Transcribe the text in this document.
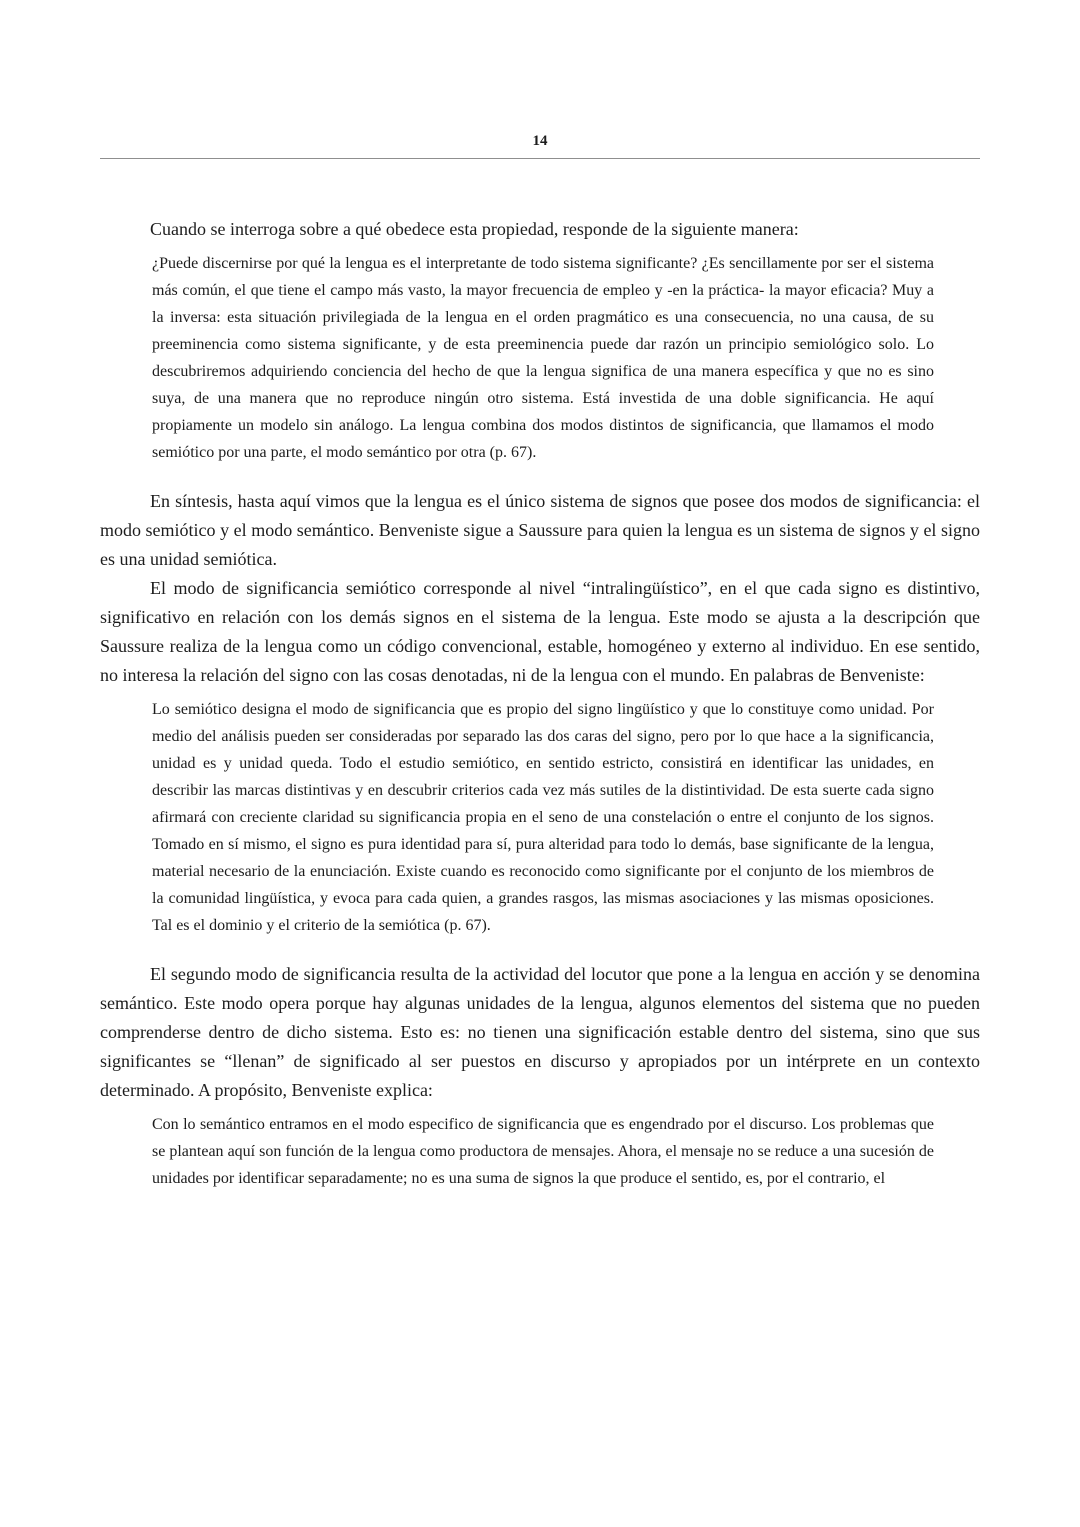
14

Cuando se interroga sobre a qué obedece esta propiedad, responde de la siguiente manera:

¿Puede discernirse por qué la lengua es el interpretante de todo sistema significante? ¿Es sencillamente por ser el sistema más común, el que tiene el campo más vasto, la mayor frecuencia de empleo y -en la práctica- la mayor eficacia? Muy a la inversa: esta situación privilegiada de la lengua en el orden pragmático es una consecuencia, no una causa, de su preeminencia como sistema significante, y de esta preeminencia puede dar razón un principio semiológico solo. Lo descubriremos adquiriendo conciencia del hecho de que la lengua significa de una manera específica y que no es sino suya, de una manera que no reproduce ningún otro sistema. Está investida de una doble significancia. He aquí propiamente un modelo sin análogo. La lengua combina dos modos distintos de significancia, que llamamos el modo semiótico por una parte, el modo semántico por otra (p. 67).

En síntesis, hasta aquí vimos que la lengua es el único sistema de signos que posee dos modos de significancia: el modo semiótico y el modo semántico. Benveniste sigue a Saussure para quien la lengua es un sistema de signos y el signo es una unidad semiótica.

El modo de significancia semiótico corresponde al nivel “intralingüístico”, en el que cada signo es distintivo, significativo en relación con los demás signos en el sistema de la lengua. Este modo se ajusta a la descripción que Saussure realiza de la lengua como un código convencional, estable, homogéneo y externo al individuo. En ese sentido, no interesa la relación del signo con las cosas denotadas, ni de la lengua con el mundo. En palabras de Benveniste:

Lo semiótico designa el modo de significancia que es propio del signo lingüístico y que lo constituye como unidad. Por medio del análisis pueden ser consideradas por separado las dos caras del signo, pero por lo que hace a la significancia, unidad es y unidad queda. Todo el estudio semiótico, en sentido estricto, consistirá en identificar las unidades, en describir las marcas distintivas y en descubrir criterios cada vez más sutiles de la distintividad. De esta suerte cada signo afirmará con creciente claridad su significancia propia en el seno de una constelación o entre el conjunto de los signos. Tomado en sí mismo, el signo es pura identidad para sí, pura alteridad para todo lo demás, base significante de la lengua, material necesario de la enunciación. Existe cuando es reconocido como significante por el conjunto de los miembros de la comunidad lingüística, y evoca para cada quien, a grandes rasgos, las mismas asociaciones y las mismas oposiciones. Tal es el dominio y el criterio de la semiótica (p. 67).

El segundo modo de significancia resulta de la actividad del locutor que pone a la lengua en acción y se denomina semántico. Este modo opera porque hay algunas unidades de la lengua, algunos elementos del sistema que no pueden comprenderse dentro de dicho sistema. Esto es: no tienen una significación estable dentro del sistema, sino que sus significantes se “llenan” de significado al ser puestos en discurso y apropiados por un intérprete en un contexto determinado. A propósito, Benveniste explica:

Con lo semántico entramos en el modo especifico de significancia que es engendrado por el discurso. Los problemas que se plantean aquí son función de la lengua como productora de mensajes. Ahora, el mensaje no se reduce a una sucesión de unidades por identificar separadamente; no es una suma de signos la que produce el sentido, es, por el contrario, el
